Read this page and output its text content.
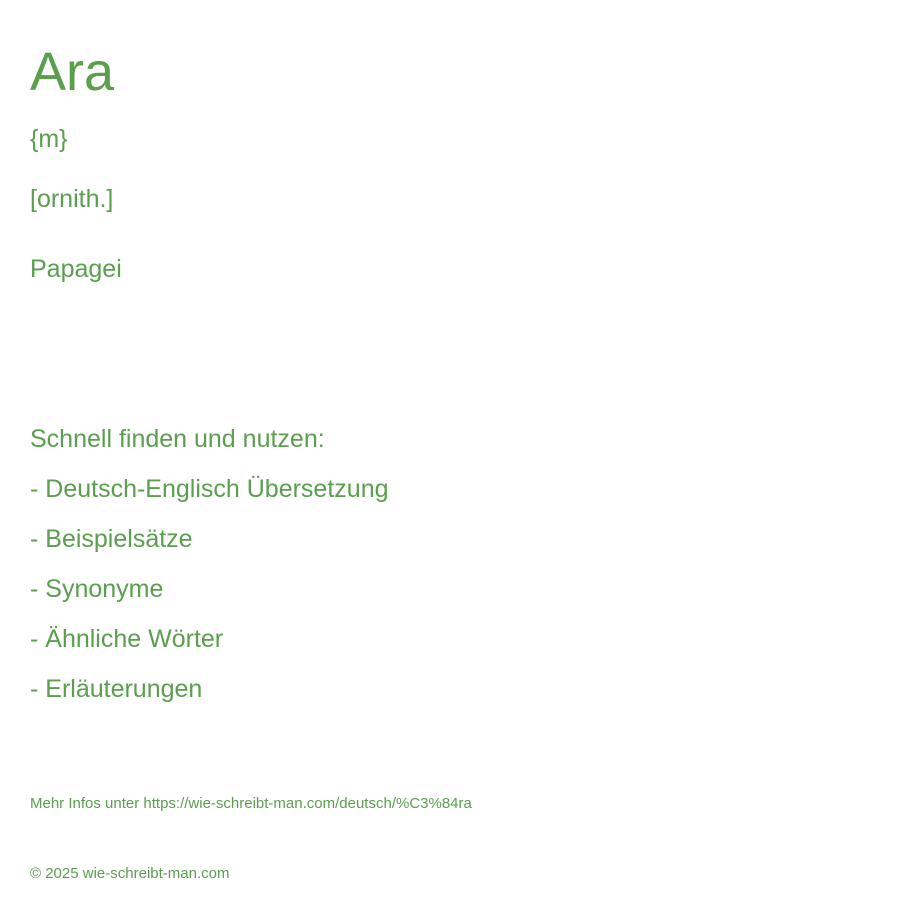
Ara
{m}
[ornith.]
Papagei
Schnell finden und nutzen:
- Deutsch-Englisch Übersetzung
- Beispielsätze
- Synonyme
- Ähnliche Wörter
- Erläuterungen
Mehr Infos unter https://wie-schreibt-man.com/deutsch/%C3%84ra
© 2025 wie-schreibt-man.com
